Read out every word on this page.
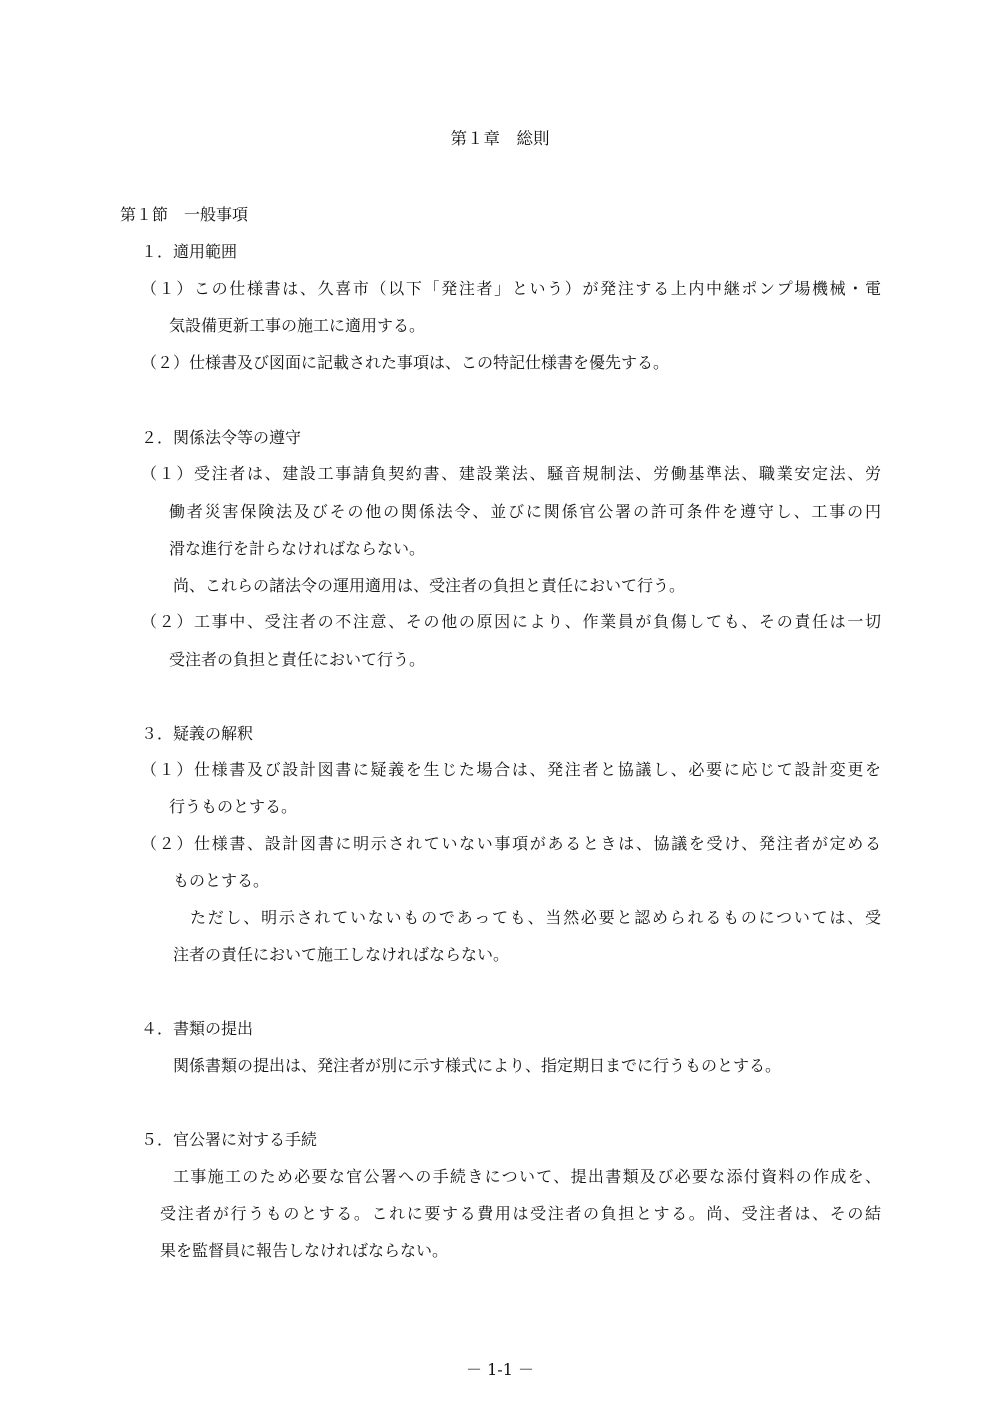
第１章　総則
第１節　一般事項
１．適用範囲
（１）この仕様書は、久喜市（以下「発注者」という）が発注する上内中継ポンプ場機械・電
気設備更新工事の施工に適用する。
（２）仕様書及び図面に記載された事項は、この特記仕様書を優先する。
２．関係法令等の遵守
（１）受注者は、建設工事請負契約書、建設業法、騒音規制法、労働基準法、職業安定法、労
働者災害保険法及びその他の関係法令、並びに関係官公署の許可条件を遵守し、工事の円
滑な進行を計らなければならない。
尚、これらの諸法令の運用適用は、受注者の負担と責任において行う。
（２）工事中、受注者の不注意、その他の原因により、作業員が負傷しても、その責任は一切
受注者の負担と責任において行う。
３．疑義の解釈
（１）仕様書及び設計図書に疑義を生じた場合は、発注者と協議し、必要に応じて設計変更を
行うものとする。
（２）仕様書、設計図書に明示されていない事項があるときは、協議を受け、発注者が定める
ものとする。
ただし、明示されていないものであっても、当然必要と認められるものについては、受
注者の責任において施工しなければならない。
４．書類の提出
関係書類の提出は、発注者が別に示す様式により、指定期日までに行うものとする。
５．官公署に対する手続
工事施工のため必要な官公署への手続きについて、提出書類及び必要な添付資料の作成を、
受注者が行うものとする。これに要する費用は受注者の負担とする。尚、受注者は、その結
果を監督員に報告しなければならない。
－ 1-1 －
